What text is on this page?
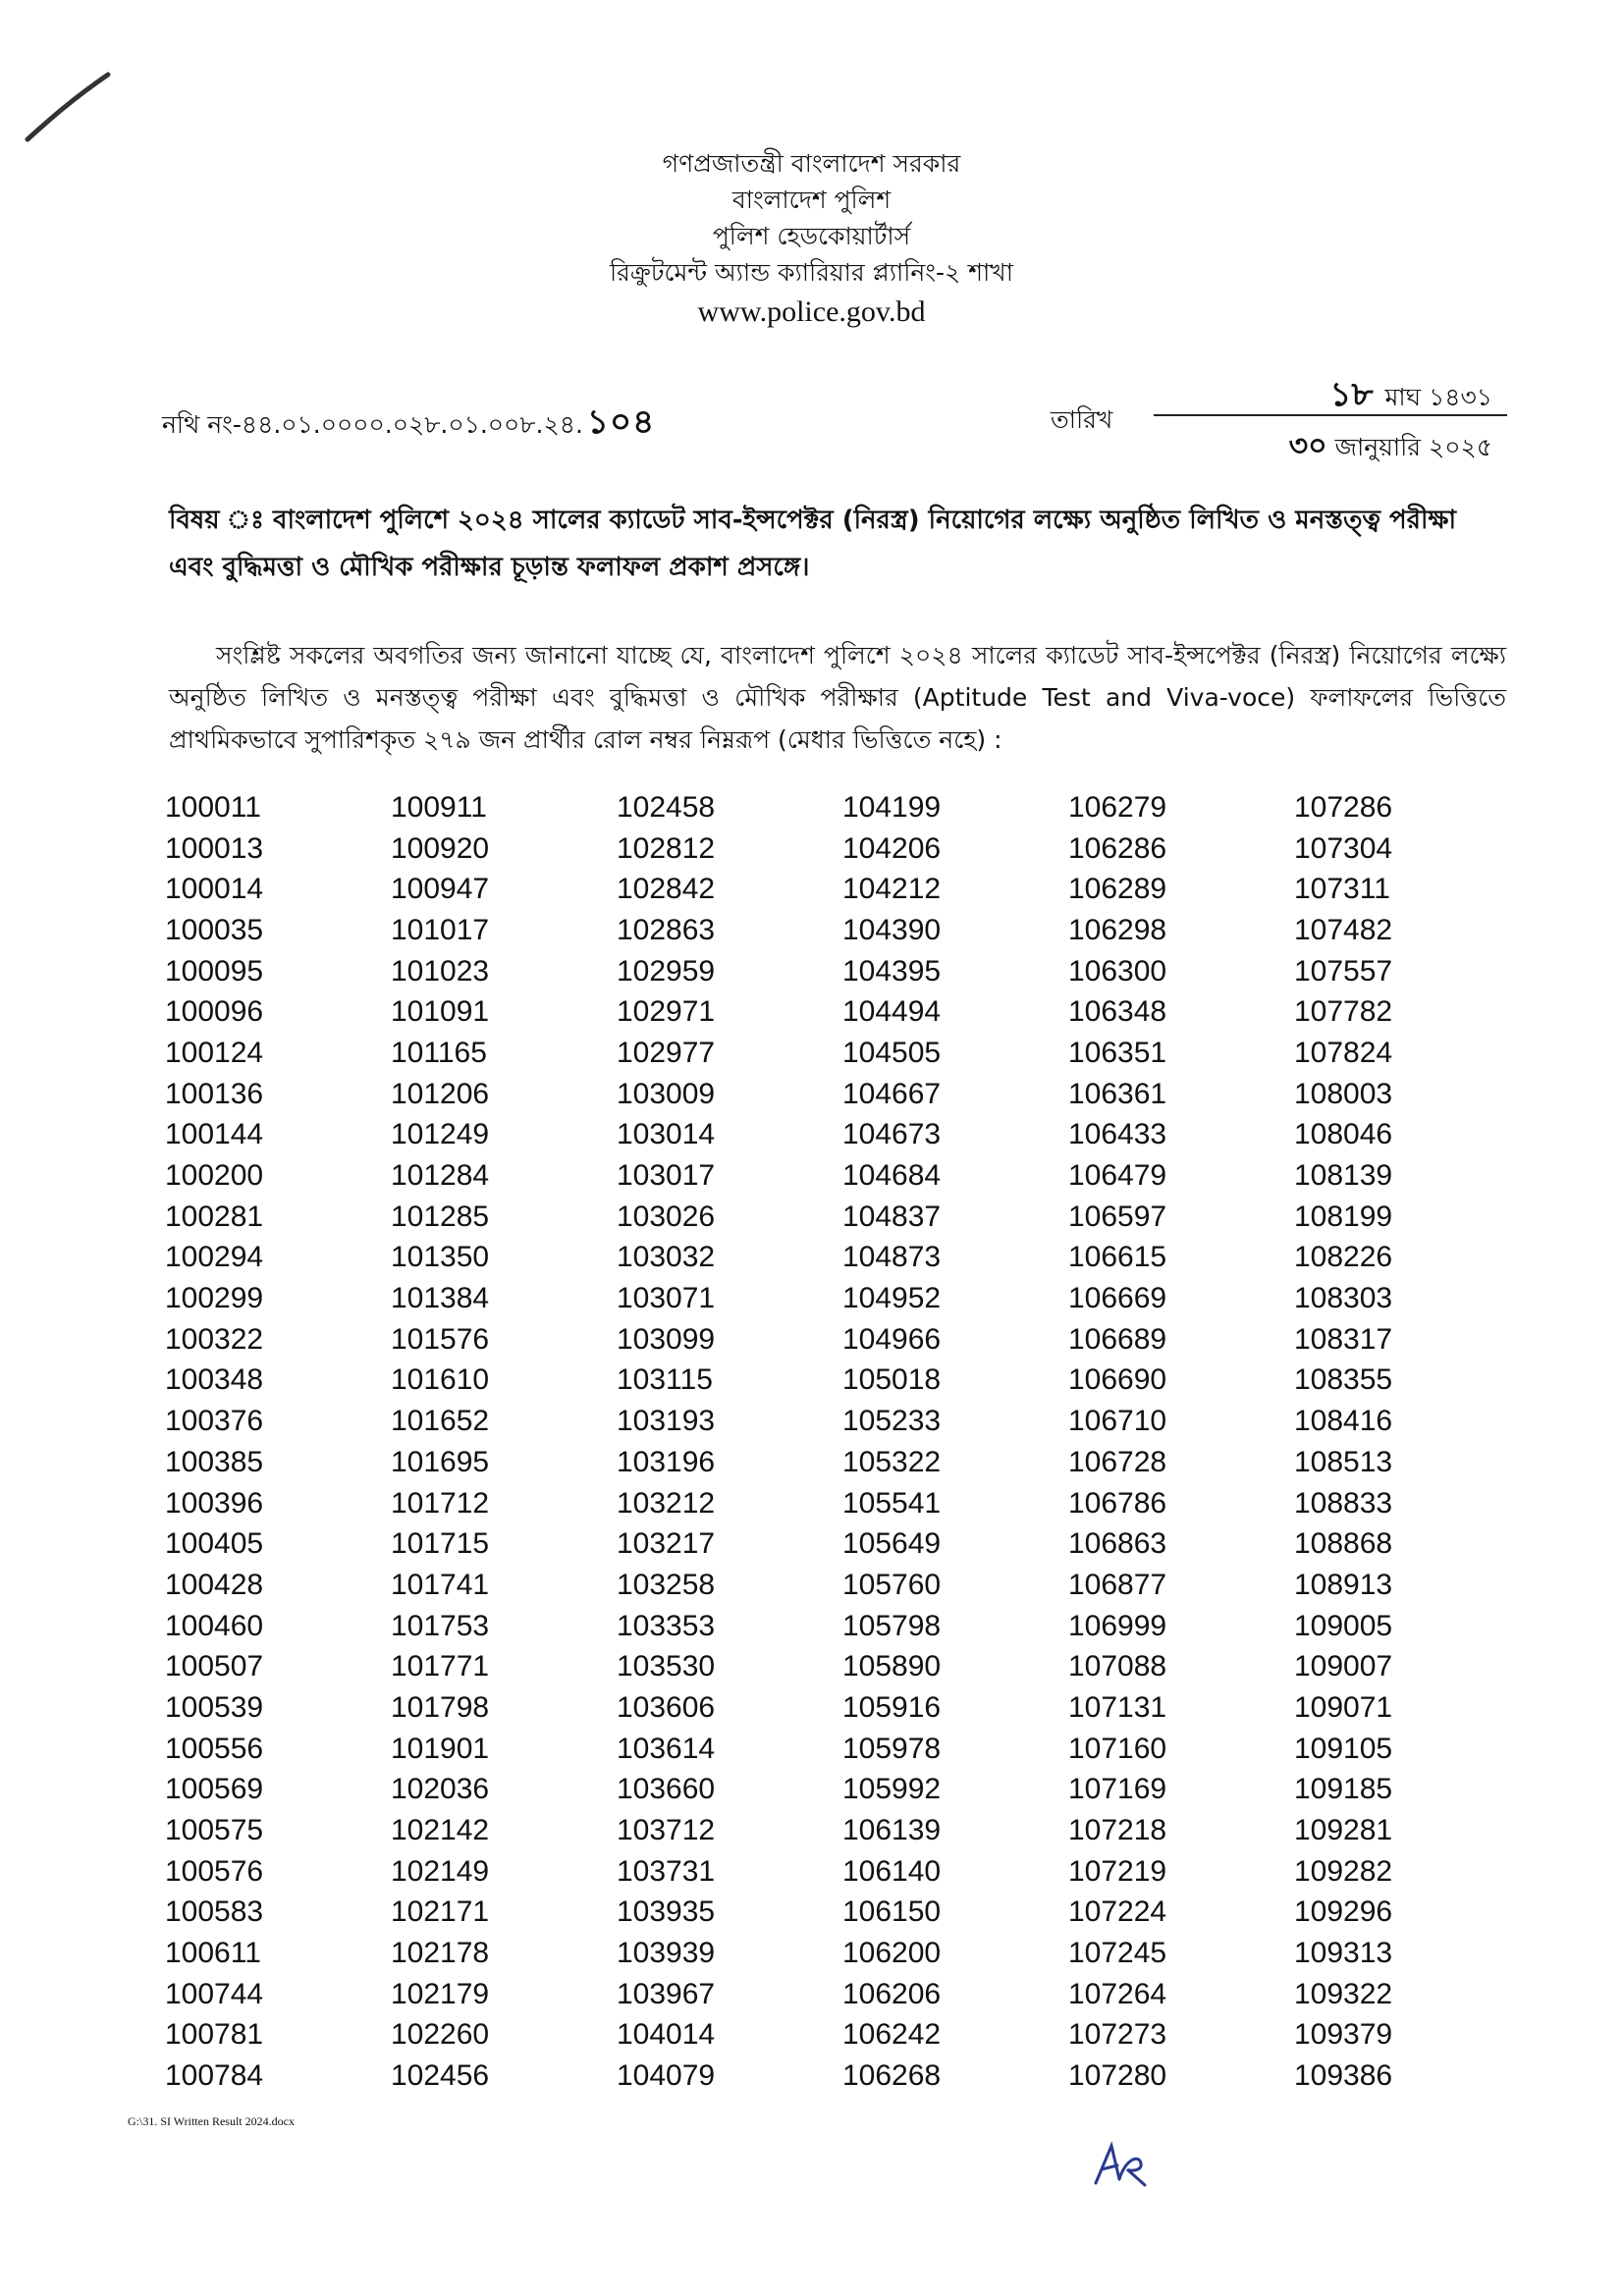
গণপ্রজাতন্ত্রী বাংলাদেশ সরকার
বাংলাদেশ পুলিশ
পুলিশ হেডকোয়ার্টার্স
রিক্রুটমেন্ট অ্যান্ড ক্যারিয়ার প্ল্যানিং-২ শাখা
www.police.gov.bd
নথি নং-৪৪.০১.০০০০.০২৮.০১.০০৮.২৪. ১০৪	তারিখ
১৮ মাঘ ১৪৩১
৩০ জানুয়ারি ২০২৫
বিষয় ঃ বাংলাদেশ পুলিশে ২০২৪ সালের ক্যাডেট সাব-ইন্সপেক্টর (নিরস্ত্র) নিয়োগের লক্ষ্যে অনুষ্ঠিত লিখিত ও মনস্তত্ত্ব পরীক্ষা এবং বুদ্ধিমত্তা ও মৌখিক পরীক্ষার চূড়ান্ত ফলাফল প্রকাশ প্রসঙ্গে।
সংশ্লিষ্ট সকলের অবগতির জন্য জানানো যাচ্ছে যে, বাংলাদেশ পুলিশে ২০২৪ সালের ক্যাডেট সাব-ইন্সপেক্টর (নিরস্ত্র) নিয়োগের লক্ষ্যে অনুষ্ঠিত লিখিত ও মনস্তত্ত্ব পরীক্ষা এবং বুদ্ধিমত্তা ও মৌখিক পরীক্ষার (Aptitude Test and Viva-voce) ফলাফলের ভিত্তিতে প্রাথমিকভাবে সুপারিশকৃত ২৭৯ জন প্রার্থীর রোল নম্বর নিম্নরূপ (মেধার ভিত্তিতে নহে) :
100011	100911	102458	104199	106279	107286
100013	100920	102812	104206	106286	107304
100014	100947	102842	104212	106289	107311
100035	101017	102863	104390	106298	107482
100095	101023	102959	104395	106300	107557
100096	101091	102971	104494	106348	107782
100124	101165	102977	104505	106351	107824
100136	101206	103009	104667	106361	108003
100144	101249	103014	104673	106433	108046
100200	101284	103017	104684	106479	108139
100281	101285	103026	104837	106597	108199
100294	101350	103032	104873	106615	108226
100299	101384	103071	104952	106669	108303
100322	101576	103099	104966	106689	108317
100348	101610	103115	105018	106690	108355
100376	101652	103193	105233	106710	108416
100385	101695	103196	105322	106728	108513
100396	101712	103212	105541	106786	108833
100405	101715	103217	105649	106863	108868
100428	101741	103258	105760	106877	108913
100460	101753	103353	105798	106999	109005
100507	101771	103530	105890	107088	109007
100539	101798	103606	105916	107131	109071
100556	101901	103614	105978	107160	109105
100569	102036	103660	105992	107169	109185
100575	102142	103712	106139	107218	109281
100576	102149	103731	106140	107219	109282
100583	102171	103935	106150	107224	109296
100611	102178	103939	106200	107245	109313
100744	102179	103967	106206	107264	109322
100781	102260	104014	106242	107273	109379
100784	102456	104079	106268	107280	109386
G:\31. SI Written Result 2024.docx
